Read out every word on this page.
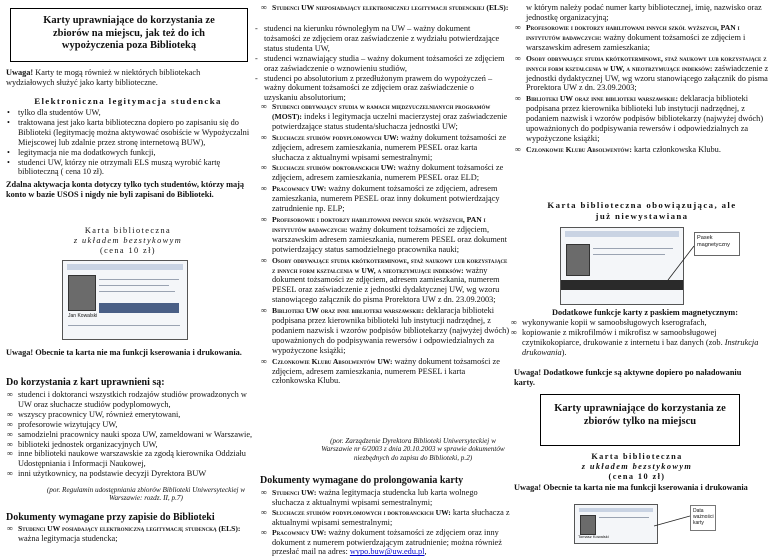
Karty uprawniające do korzystania ze zbiorów na miejscu, jak też do ich wypożyczenia poza Biblioteką

Uwaga! Karty te mogą również w niektórych bibliotekach wydziałowych służyć jako karty biblioteczne.

Elektroniczna legitymacja studencka
• tylko dla studentów UW,
• traktowana jest jako karta biblioteczna dopiero po zapisaniu się do Biblioteki (legitymację można aktywować osobiście w Wypożyczalni Miejscowej lub zdalnie przez stronę internetową BUW),
• legitymacja nie ma dodatkowych funkcji,
• studenci UW, którzy nie otrzymali ELS muszą wyrobić kartę biblioteczną ( cena 10 zł).

Zdalna aktywacja konta dotyczy tylko tych studentów, którzy mają konto w bazie USOS i nigdy nie byli zapisani do Biblioteki.

Karta biblioteczna
z układem bezstykowym
(cena 10 zł)
Jan Kowalski

Uwaga! Obecnie ta karta nie ma funkcji kserowania i drukowania.

Do korzystania z kart uprawnieni są:
∞ studenci i doktoranci wszystkich rodzajów studiów prowadzonych w UW oraz słuchacze studiów podyplomowych,
∞ wszyscy pracownicy UW, również emerytowani,
∞ profesorowie wizytujący UW,
∞ samodzielni pracownicy nauki spoza UW, zameldowani w Warszawie,
∞ biblioteki jednostek organizacyjnych UW,
∞ inne biblioteki naukowe warszawskie za zgodą kierownika Oddziału Udostępniania i Informacji Naukowej,
∞ inni użytkownicy, na podstawie decyzji Dyrektora BUW

(por. Regulamin udostępniania zbiorów Biblioteki Uniwersyteckiej w Warszawie: rozdz. II, p.7)

Dokumenty wymagane przy zapisie do Biblioteki
∞ Studenci UW posiadający elektroniczną legitymację studencką (ELS): ważna legitymacja studencka;
∞ Studenci UW nieposiadający elektronicznej legitymacji studenckiej (ELS):
- studenci na kierunku równoległym na UW – ważny dokument tożsamości ze zdjęciem oraz zaświadczenie z wydziału potwierdzające status studenta UW,
- studenci wznawiający studia – ważny dokument tożsamości ze zdjęciem oraz zaświadczenie o wznowieniu studiów,
- studenci po absolutorium z przedłużonym prawem do wypożyczeń – ważny dokument tożsamości ze zdjęciem oraz zaświadczenie o uzyskaniu absolutorium;
∞ Studenci odbywający studia w ramach międzyuczelnianych programów (MOST): indeks i legitymacja uczelni macierzystej oraz zaświadczenie potwierdzające status studenta/słuchacza jednostki UW;
∞ Słuchacze studiów podyplomowych UW: ważny dokument tożsamości ze zdjęciem, adresem zamieszkania, numerem PESEL oraz karta słuchacza z aktualnymi wpisami semestralnymi;
∞ Słuchacze studiów doktoranckich UW: ważny dokument tożsamości ze zdjęciem, adresem zamieszkania, numerem PESEL oraz ELD;
∞ Pracownicy UW: ważny dokument tożsamości ze zdjęciem, adresem zamieszkania, numerem PESEL oraz inny dokument potwierdzający zatrudnienie np. ELP;
∞ Profesorowie i doktorzy habilitowani innych szkół wyższych, PAN i instytutów badawczych: ważny dokument tożsamości ze zdjęciem, warszawskim adresem zamieszkania, numerem PESEL oraz dokument potwierdzający status samodzielnego pracownika nauki;
∞ Osoby odbywające studia krótkoterminowe, staż naukowy lub korzystające z innych form kształcenia w UW, a nieotrzymujące indeksów: ważny dokument tożsamości ze zdjęciem, adresem zamieszkania, numerem PESEL oraz zaświadczenie z jednostki dydaktycznej UW, wg wzoru stanowiącego załącznik do pisma Prorektora UW z dn. 23.09.2003;
∞ Biblioteki UW oraz inne biblioteki warszawskie: deklaracja biblioteki podpisana przez kierownika biblioteki lub instytucji nadrzędnej, z podaniem nazwisk i wzorów podpisów bibliotekarzy (najwyżej dwóch) upoważnionych do podpisywania rewersów i odpowiedzialnych za wypożyczone książki;
∞ Członkowie Klubu Absolwentów UW: ważny dokument tożsamości ze zdjęciem, adresem zamieszkania, numerem PESEL i karta członkowska Klubu.

(por. Zarządzenie Dyrektora Biblioteki Uniwersyteckiej w Warszawie nr 6/2003 z dnia 20.10.2003 w sprawie dokumentów niezbędnych do zapisu do Biblioteki, p.2)

Dokumenty wymagane do prolongowania karty
∞ Studenci UW: ważna legitymacja studencka lub karta wolnego słuchacza z aktualnymi wpisami semestralnymi;
∞ Słuchacze studiów podyplomowych i doktoranckich UW: karta słuchacza z aktualnymi wpisami semestralnymi;
∞ Pracownicy UW: ważny dokument tożsamości ze zdjęciem oraz inny dokument z numerem potwierdzającym zatrudnienie; można również przesłać mail na adres: wypo.buw@uw.edu.pl,

w którym należy podać numer karty bibliotecznej, imię, nazwisko oraz jednostkę organizacyjną;

∞ Profesorowie i doktorzy habilitowani innych szkół wyższych, PAN i instytutów badawczych: ważny dokument tożsamości ze zdjęciem i warszawskim adresem zamieszkania;
∞ Osoby odbywające studia krótkoterminowe, staż naukowy lub korzystające z innych form kształcenia w UW, a nieotrzymujące indeksów: zaświadczenie z jednostki dydaktycznej UW, wg wzoru stanowiącego załącznik do pisma Prorektora UW z dn. 23.09.2003;
∞ Biblioteki UW oraz inne biblioteki warszawskie: deklaracja biblioteki podpisana przez kierownika biblioteki lub instytucji nadrzędnej, z podaniem nazwisk i wzorów podpisów bibliotekarzy (najwyżej dwóch) upoważnionych do podpisywania rewersów i odpowiedzialnych za wypożyczone książki;
∞ Członkowie Klubu Absolwentów: karta członkowska Klubu.
Karta biblioteczna obowiązująca, ale już niewystawiana
Pasek magnetyczny
Dodatkowe funkcje karty z paskiem magnetycznym:
∞ wykonywanie kopii w samoobsługowych kserografach,
∞ kopiowanie z mikrofilmów i mikrofisz w samoobsługowej czytnikokopiarce, drukowanie z internetu i baz danych (zob. Instrukcja drukowania).

Uwaga! Dodatkowe funkcje są aktywne dopiero po naładowaniu karty.

Karty uprawniające do korzystania ze zbiorów tylko na miejscu
Karta biblioteczna
z układem bezstykowym
(cena 10 zł)

Uwaga! Obecnie ta karta nie ma funkcji kserowania i drukowania

Tomasz Kowalski
Data ważności karty
